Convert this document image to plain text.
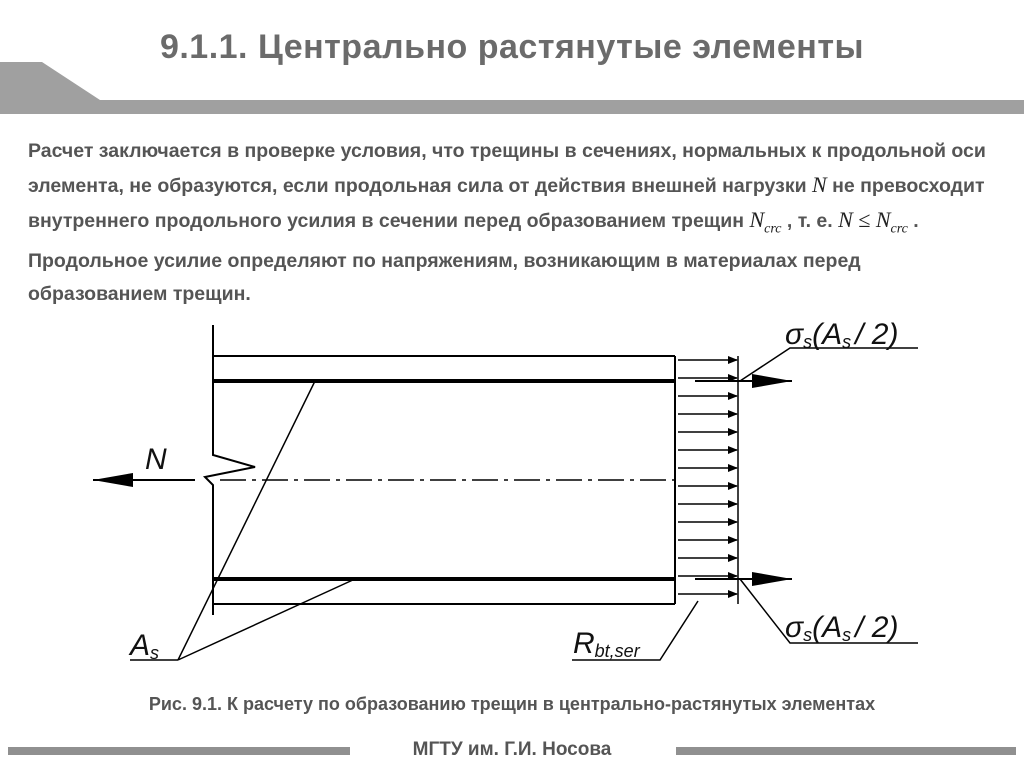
9.1.1. Центрально растянутые элементы
Расчет заключается в проверке условия, что трещины в сечениях, нормальных к продольной оси элемента, не образуются, если продольная сила от действия внешней нагрузки N не превосходит внутреннего продольного усилия в сечении перед образованием трещин $N_{crc}$ , т. е. $N \le N_{crc}$ . Продольное усилие определяют по напряжениям, возникающим в материалах перед образованием трещин.
N
σs(As / 2)
σs(As / 2)
As	Rbt,ser
Рис. 9.1. К расчету по образованию трещин в центрально-растянутых элементах
МГТУ им. Г.И. Носова
